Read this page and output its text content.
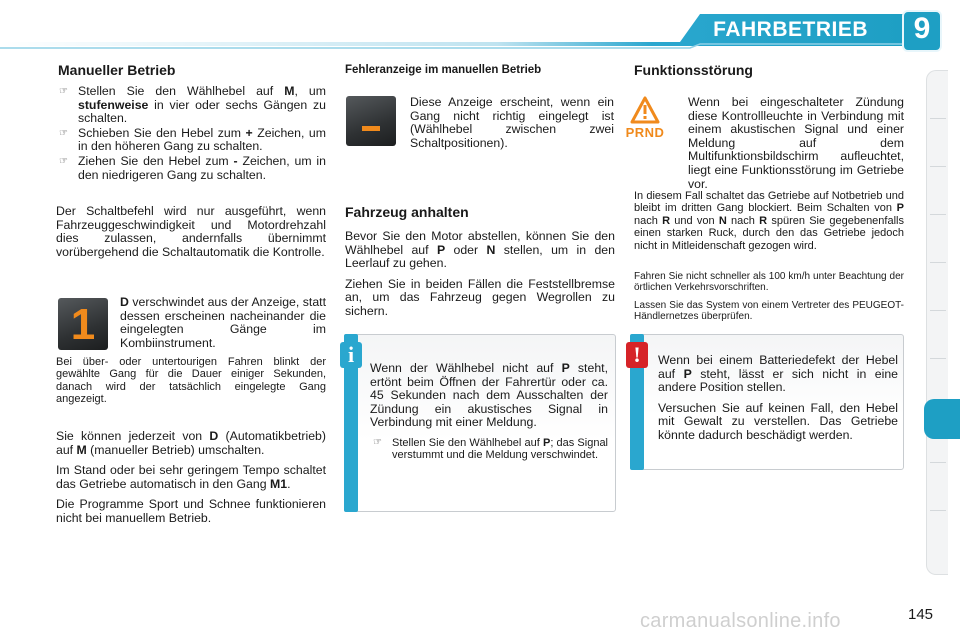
FAHRBETRIEB	9
Manueller Betrieb
☞ Stellen Sie den Wählhebel auf M, um stufenweise in vier oder sechs Gängen zu schalten.
☞ Schieben Sie den Hebel zum + Zeichen, um in den höheren Gang zu schalten.
☞ Ziehen Sie den Hebel zum - Zeichen, um in den niedrigeren Gang zu schalten.
Der Schaltbefehl wird nur ausgeführt, wenn Fahrzeuggeschwindigkeit und Motordrehzahl dies zulassen, andernfalls übernimmt vorübergehend die Schaltautomatik die Kontrolle.
1	D verschwindet aus der Anzeige, statt dessen erscheinen nacheinander die eingelegten Gänge im Kombiinstrument.
Bei über- oder untertourigen Fahren blinkt der gewählte Gang für die Dauer einiger Sekunden, danach wird der tatsächlich eingelegte Gang angezeigt.

Sie können jederzeit von D (Automatikbetrieb) auf M (manueller Betrieb) umschalten.

Im Stand oder bei sehr geringem Tempo schaltet das Getriebe automatisch in den Gang M1.

Die Programme Sport und Schnee funktionieren nicht bei manuellem Betrieb.

Fehleranzeige im manuellen Betrieb
Diese Anzeige erscheint, wenn ein Gang nicht richtig eingelegt ist (Wählhebel zwischen zwei Schaltpositionen).
Fahrzeug anhalten

Bevor Sie den Motor abstellen, können Sie den Wählhebel auf P oder N stellen, um in den Leerlauf zu gehen.

Ziehen Sie in beiden Fällen die Feststellbremse an, um das Fahrzeug gegen Wegrollen zu sichern.

i

Wenn der Wählhebel nicht auf P steht, ertönt beim Öffnen der Fahrertür oder ca. 45 Sekunden nach dem Ausschalten der Zündung ein akustisches Signal in Verbindung mit einer Meldung.

☞ Stellen Sie den Wählhebel auf P; das Signal verstummt und die Meldung verschwindet.
Funktionsstörung
PRND
Wenn bei eingeschalteter Zündung diese Kontrollleuchte in Verbindung mit einem akustischen Signal und einer Meldung auf dem Multifunktionsbildschirm aufleuchtet, liegt eine Funktionsstörung im Getriebe vor.
In diesem Fall schaltet das Getriebe auf Notbetrieb und bleibt im dritten Gang blockiert. Beim Schalten von P nach R und von N nach R spüren Sie gegebenenfalls einen starken Ruck, durch den das Getriebe jedoch nicht in Mitleidenschaft gezogen wird.
Fahren Sie nicht schneller als 100 km/h unter Beachtung der örtlichen Verkehrsvorschriften.
Lassen Sie das System von einem Vertreter des PEUGEOT-Händlernetzes überprüfen.
!	Wenn bei einem Batteriedefekt der Hebel auf P steht, lässt er sich nicht in eine andere Position stellen.

Versuchen Sie auf keinen Fall, den Hebel mit Gewalt zu verstellen. Das Getriebe könnte dadurch beschädigt werden.

carmanualsonline.info	145
